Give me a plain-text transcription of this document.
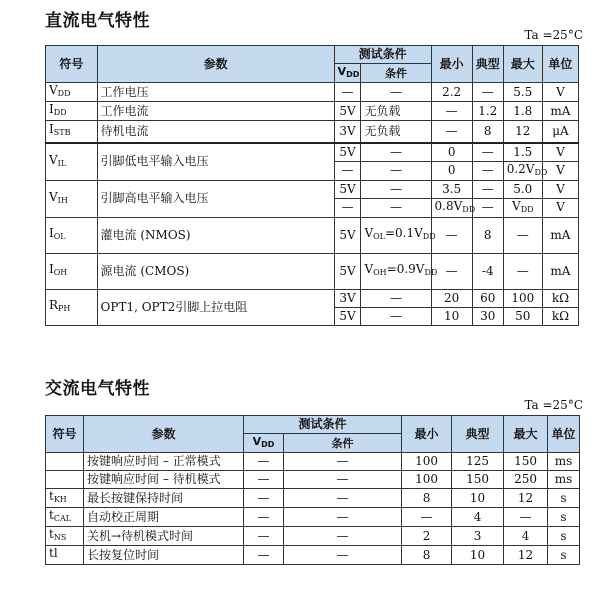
直流电气特性
Ta =25°C
符号	参数	测试条件		最小	典型	最大	单位
		$V_{DD}$	条件				
$V_{DD}$	工作电压	—	—	2.2	—	5.5	V
$I_{DD}$	工作电流	5V	无负载	—	1.2	1.8	mA
$I_{STB}$	待机电流	3V	无负载	—	8	12	μA
$V_{IL}$	引脚低电平输入电压	5V	—	0	—	1.5	V
		—	—	0	—	$0.2V_{DD}$	V
$V_{IH}$	引脚高电平输入电压	5V	—	3.5	—	5.0	V
		—	—	$0.8V_{DD}$	—	$V_{DD}$	V
$I_{OL}$	灌电流 (NMOS)	5V	$V_{OL}=0.1V_{DD}$	—	8	—	mA
$I_{OH}$	源电流 (CMOS)	5V	$V_{OH}=0.9V_{DD}$	—	-4	—	mA
$R_{PH}$	OPT1, OPT2引脚上拉电阻	3V	—	20	60	100	kΩ
		5V	—	10	30	50	kΩ
交流电气特性
Ta =25°C
符号	参数	测试条件		最小	典型	最大	单位
		$V_{DD}$	条件				
	按键响应时间 – 正常模式	—	—	100	125	150	ms
	按键响应时间 – 待机模式	—	—	100	150	250	ms
$t_{KH}$	最长按键保持时间	—	—	8	10	12	s
$t_{CAL}$	自动校正周期	—	—	—	4	—	s
$t_{NS}$	关机→待机模式时间	—	—	2	3	4	s
tl	长按复位时间	—	—	8	10	12	s
